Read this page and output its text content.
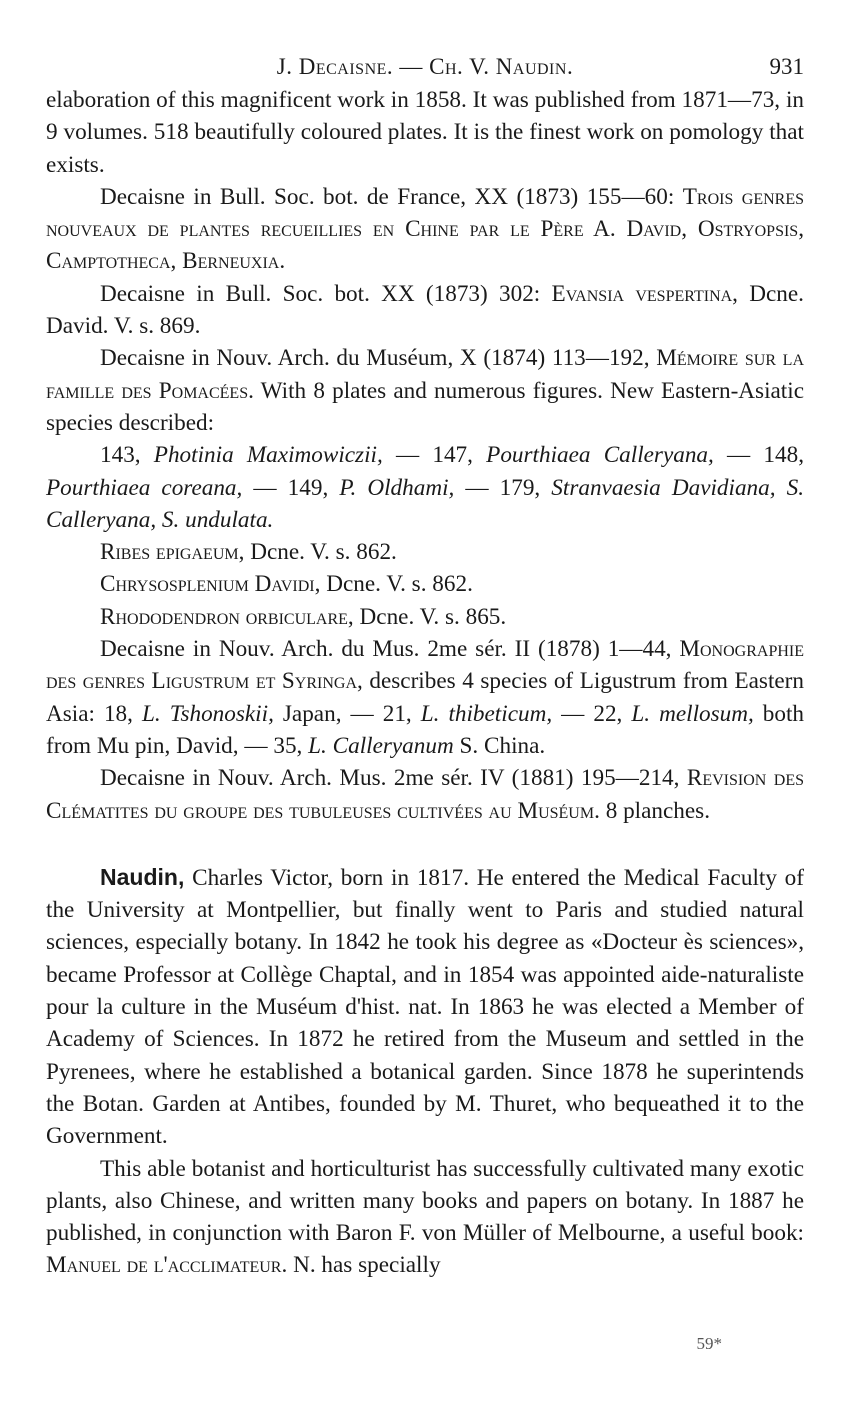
J. Decaisne. — Ch. V. Naudin.	931

elaboration of this magnificent work in 1858. It was published from 1871—73, in 9 volumes. 518 beautifully coloured plates. It is the finest work on pomology that exists.

Decaisne in Bull. Soc. bot. de France, XX (1873) 155—60: Trois genres nouveaux de plantes recueillies en Chine par le Père A. David, Ostryopsis, Camptotheca, Berneuxia.

Decaisne in Bull. Soc. bot. XX (1873) 302: Evansia vespertina, Dcne. David. V. s. 869.

Decaisne in Nouv. Arch. du Muséum, X (1874) 113—192, Mémoire sur la famille des Pomacées. With 8 plates and numerous figures. New Eastern-Asiatic species described:

143, Photinia Maximowiczii, — 147, Pourthiaea Calleryana, — 148, Pourthiaea coreana, — 149, P. Oldhami, — 179, Stranvaesia Davidiana, S. Calleryana, S. undulata.

Ribes epigaeum, Dcne. V. s. 862.

Chrysosplenium Davidi, Dcne. V. s. 862.

Rhododendron orbiculare, Dcne. V. s. 865.

Decaisne in Nouv. Arch. du Mus. 2me sér. II (1878) 1—44, Monographie des genres Ligustrum et Syringa, describes 4 species of Ligustrum from Eastern Asia: 18, L. Tshonoskii, Japan, — 21, L. thibeticum, — 22, L. mellosum, both from Mu pin, David, — 35, L. Calleryanum S. China.

Decaisne in Nouv. Arch. Mus. 2me sér. IV (1881) 195—214, Revision des Clématites du groupe des tubuleuses cultivées au Muséum. 8 planches.

Naudin, Charles Victor, born in 1817. He entered the Medical Faculty of the University at Montpellier, but finally went to Paris and studied natural sciences, especially botany. In 1842 he took his degree as «Docteur ès sciences», became Professor at Collège Chaptal, and in 1854 was appointed aide-naturaliste pour la culture in the Muséum d'hist. nat. In 1863 he was elected a Member of Academy of Sciences. In 1872 he retired from the Museum and settled in the Pyrenees, where he established a botanical garden. Since 1878 he superintends the Botan. Garden at Antibes, founded by M. Thuret, who bequeathed it to the Government.

This able botanist and horticulturist has successfully cultivated many exotic plants, also Chinese, and written many books and papers on botany. In 1887 he published, in conjunction with Baron F. von Müller of Melbourne, a useful book: Manuel de l'acclimateur. N. has specially

59*
